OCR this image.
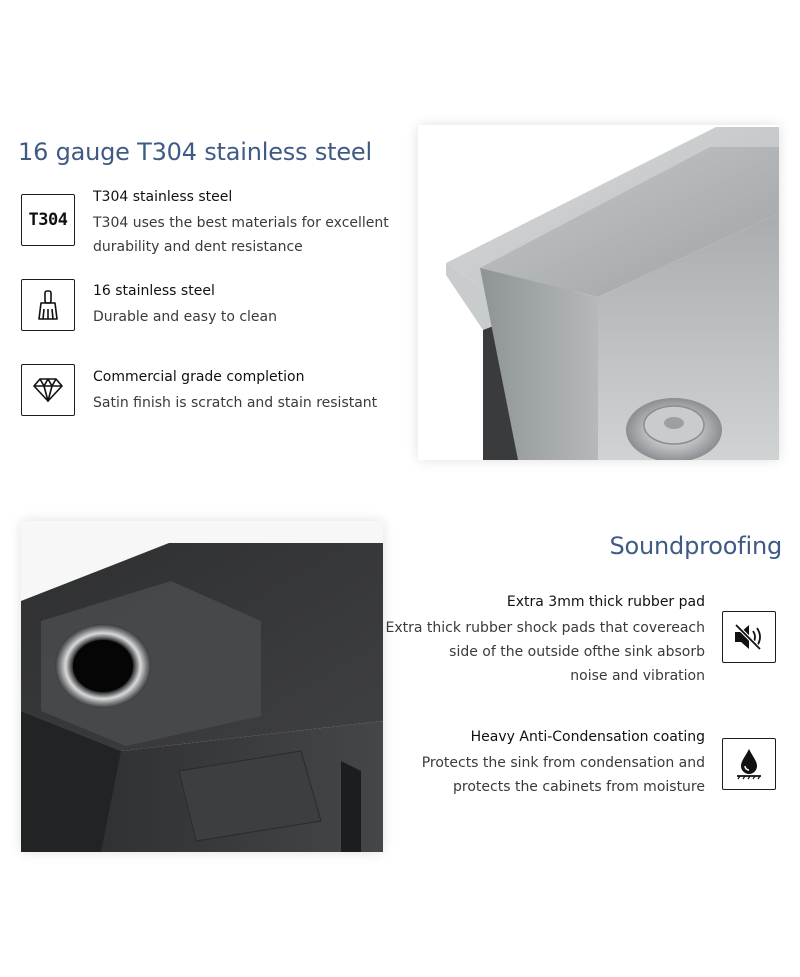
16 gauge T304 stainless steel
T304
T304 stainless steel
T304 uses the best materials for excellent
durability and dent resistance
16 stainless steel
Durable and easy to clean
Commercial grade completion
Satin finish is scratch and stain resistant
Soundproofing
Extra 3mm thick rubber pad
Extra thick rubber shock pads that covereach
side of the outside ofthe sink absorb
noise and vibration
Heavy Anti-Condensation coating
Protects the sink from condensation and
protects the cabinets from moisture
